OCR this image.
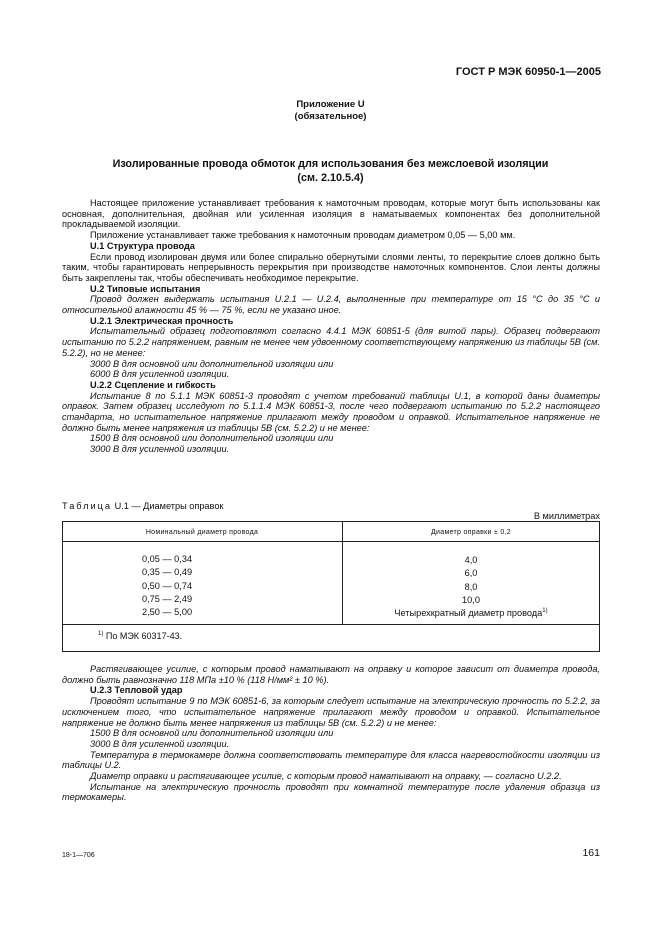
ГОСТ Р МЭК 60950-1—2005
Приложение U
(обязательное)
Изолированные провода обмоток для использования без межслоевой изоляции
(см. 2.10.5.4)

Настоящее приложение устанавливает требования к намоточным проводам, которые могут быть использованы как основная, дополнительная, двойная или усиленная изоляция в наматываемых компонентах без дополнительной прокладываемой изоляции.

Приложение устанавливает также требования к намоточным проводам диаметром 0,05 — 5,00 мм.

U.1 Структура провода

Если провод изолирован двумя или более спирально обернутыми слоями ленты, то перекрытие слоев должно быть таким, чтобы гарантировать непрерывность перекрытия при производстве намоточных компонентов. Слои ленты должны быть закреплены так, чтобы обеспечивать необходимое перекрытие.

U.2 Типовые испытания

Провод должен выдержать испытания U.2.1 — U.2.4, выполненные при температуре от 15 °С до 35 °С и относительной влажности 45 % — 75 %, если не указано иное.

U.2.1 Электрическая прочность

Испытательный образец подготовляют согласно 4.4.1 МЭК 60851-5 (для витой пары). Образец подвергают испытанию по 5.2.2 напряжением, равным не менее чем удвоенному соответствующему напряжению из таблицы 5В (см. 5.2.2), но не менее:

3000 В для основной или дополнительной изоляции или

6000 В для усиленной изоляции.

U.2.2 Сцепление и гибкость

Испытание 8 по 5.1.1 МЭК 60851-3 проводят с учетом требований таблицы U.1, в которой даны диаметры оправок. Затем образец исследуют по 5.1.1.4 МЭК 60851-3, после чего подвергают испытанию по 5.2.2 настоящего стандарта, но испытательное напряжение прилагают между проводом и оправкой. Испытательное напряжение не должно быть менее напряжения из таблицы 5В (см. 5.2.2) и не менее:

1500 В для основной или дополнительной изоляции или

3000 В для усиленной изоляции.

Таблица U.1 — Диаметры оправок
В миллиметрах
Номинальный диаметр провода	Диаметр оправки ± 0,2
0,05 — 0,34
0,35 — 0,49
0,50 — 0,74
0,75 — 2,49
2,50 — 5,00
4,0
6,0
8,0
10,0
Четырехкратный диаметр провода$^{1)}$
$^{1)}$ По МЭК 60317-43.

Растягивающее усилие, с которым провод наматывают на оправку и которое зависит от диаметра провода, должно быть равнозначно 118 МПа ±10 % (118 Н/мм² ± 10 %).

U.2.3 Тепловой удар

Проводят испытание 9 по МЭК 60851-6, за которым следует испытание на электрическую прочность по 5.2.2, за исключением того, что испытательное напряжение прилагают между проводом и оправкой. Испытательное напряжение не должно быть менее напряжения из таблицы 5В (см. 5.2.2) и не менее:

1500 В для основной или дополнительной изоляции или

3000 В для усиленной изоляции.

Температура в термокамере должна соответствовать температуре для класса нагревостойкости изоляции из таблицы U.2.

Диаметр оправки и растягивающее усилие, с которым провод наматывают на оправку, — согласно U.2.2.

Испытание на электрическую прочность проводят при комнатной температуре после удаления образца из термокамеры.

18-1—706	161
